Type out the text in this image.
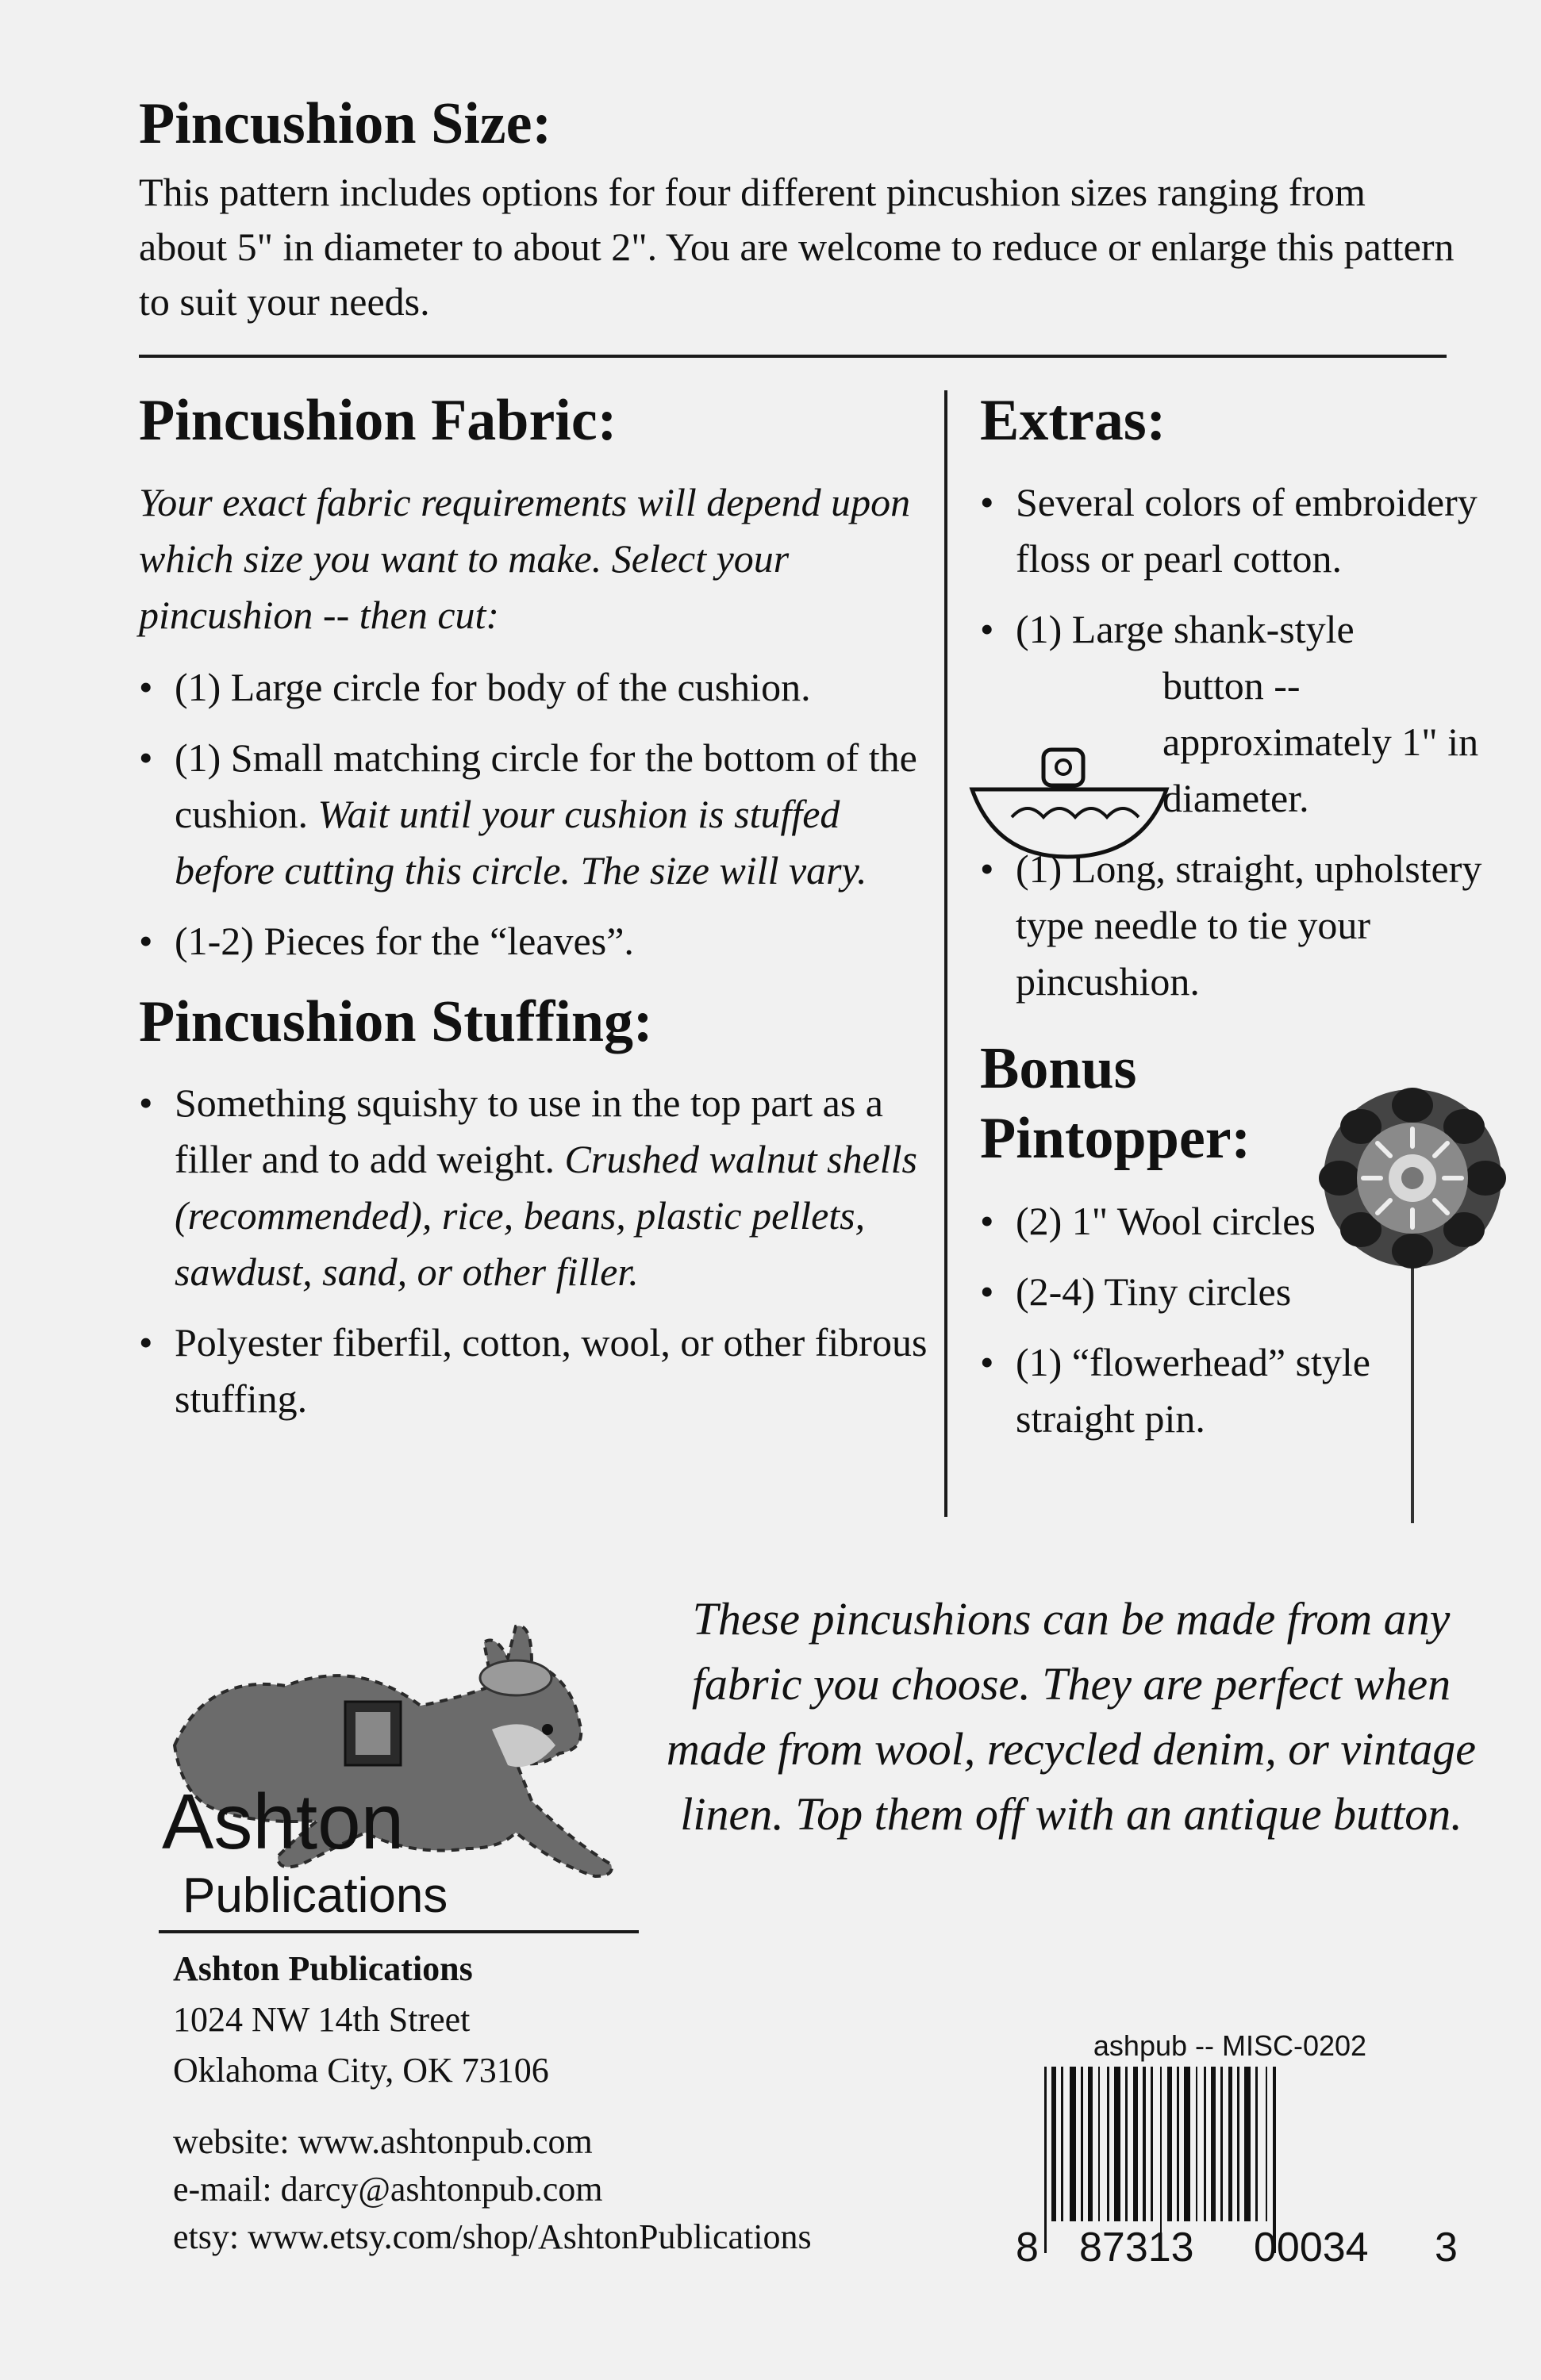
Pincushion Size:

This pattern includes options for four different pincushion sizes ranging from about 5" in diameter to about 2". You are welcome to reduce or enlarge this pattern to suit your needs.

Pincushion Fabric:

Your exact fabric requirements will depend upon which size you want to make. Select your pincushion -- then cut:

• (1) Large circle for body of the cushion.
• (1) Small matching circle for the bottom of the cushion. Wait until your cushion is stuffed before cutting this circle. The size will vary.
• (1-2) Pieces for the “leaves”.
Pincushion Stuffing:
• Something squishy to use in the top part as a filler and to add weight. Crushed walnut shells (recommended), rice, beans, plastic pellets, sawdust, sand, or other filler.
• Polyester fiberfil, cotton, wool, or other fibrous stuffing.
Extras:
• Several colors of embroidery floss or pearl cotton.
• (1) Large shank-style
button -- approximately 1" in diameter.
• (1) Long, straight, upholstery type needle to tie your pincushion.
Bonus Pintopper:
• (2) 1" Wool circles
• (2-4) Tiny circles
• (1) “flowerhead” style straight pin.
These pincushions can be made from any fabric you choose. They are perfect when made from wool, recycled denim, or vintage linen. Top them off with an antique button.
Ashton
Publications
Ashton Publications
1024 NW 14th Street
Oklahoma City, OK 73106
website: www.ashtonpub.com
e-mail: darcy@ashtonpub.com
etsy: www.etsy.com/shop/AshtonPublications
ashpub -- MISC-0202
8 87313 00034 3
